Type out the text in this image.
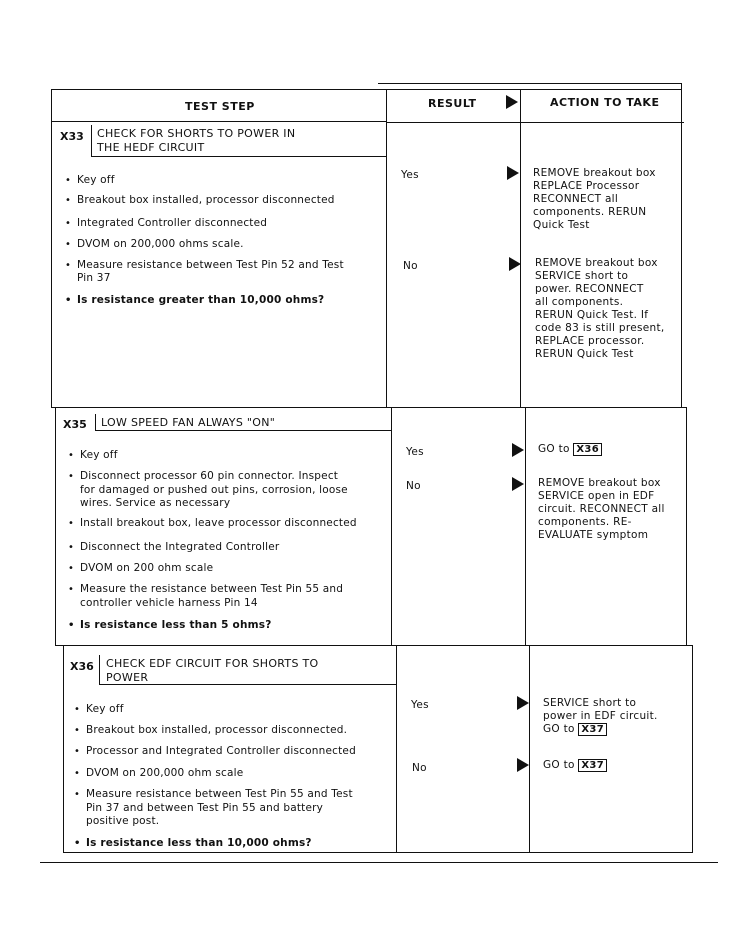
TEST STEP	RESULT	ACTION TO TAKE
X33 CHECK FOR SHORTS TO POWER IN
THE HEDF CIRCUIT
• Key off
• Breakout box installed, processor disconnected
• Integrated Controller disconnected
• DVOM on 200,000 ohms scale.
• Measure resistance between Test Pin 52 and Test
Pin 37
• Is resistance greater than 10,000 ohms?
Yes	REMOVE breakout box
REPLACE Processor
RECONNECT all
components. RERUN
Quick Test
No	REMOVE breakout box
SERVICE short to
power. RECONNECT
all components.
RERUN Quick Test. If
code 83 is still present,
REPLACE processor.
RERUN Quick Test
X35 LOW SPEED FAN ALWAYS "ON"
• Key off
• Disconnect processor 60 pin connector. Inspect
for damaged or pushed out pins, corrosion, loose
wires. Service as necessary
• Install breakout box, leave processor disconnected
• Disconnect the Integrated Controller
• DVOM on 200 ohm scale
• Measure the resistance between Test Pin 55 and
controller vehicle harness Pin 14
• Is resistance less than 5 ohms?
Yes	GO to X36
No	REMOVE breakout box
SERVICE open in EDF
circuit. RECONNECT all
components. RE-
EVALUATE symptom
X36 CHECK EDF CIRCUIT FOR SHORTS TO
POWER
• Key off
• Breakout box installed, processor disconnected.
• Processor and Integrated Controller disconnected
• DVOM on 200,000 ohm scale
• Measure resistance between Test Pin 55 and Test
Pin 37 and between Test Pin 55 and battery
positive post.
• Is resistance less than 10,000 ohms?
Yes	SERVICE short to
power in EDF circuit.
GO to X37
No	GO to X37
